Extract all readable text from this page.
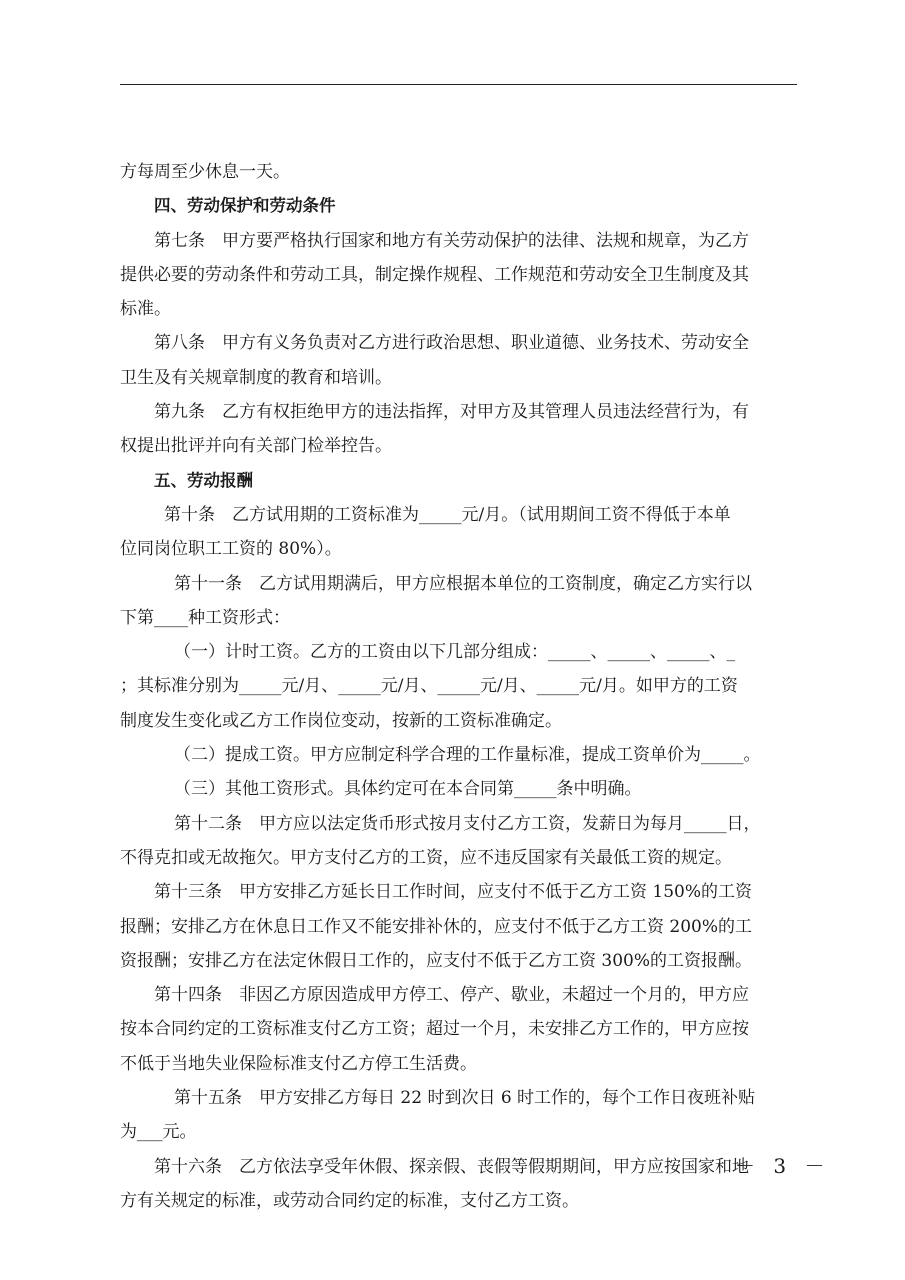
方每周至少休息一天。
四、劳动保护和劳动条件
第七条　甲方要严格执行国家和地方有关劳动保护的法律、法规和规章，为乙方
提供必要的劳动条件和劳动工具，制定操作规程、工作规范和劳动安全卫生制度及其
标准。
第八条　甲方有义务负责对乙方进行政治思想、职业道德、业务技术、劳动安全
卫生及有关规章制度的教育和培训。
第九条　乙方有权拒绝甲方的违法指挥，对甲方及其管理人员违法经营行为，有
权提出批评并向有关部门检举控告。
五、劳动报酬
第十条　乙方试用期的工资标准为_____元/月。（试用期间工资不得低于本单
位同岗位职工工资的 80%）。
第十一条　乙方试用期满后，甲方应根据本单位的工资制度，确定乙方实行以
下第____种工资形式：
（一）计时工资。乙方的工资由以下几部分组成：_____、_____、_____、_
；其标准分别为_____元/月、_____元/月、_____元/月、_____元/月。如甲方的工资
制度发生变化或乙方工作岗位变动，按新的工资标准确定。
（二）提成工资。甲方应制定科学合理的工作量标准，提成工资单价为_____。
（三）其他工资形式。具体约定可在本合同第_____条中明确。
第十二条　甲方应以法定货币形式按月支付乙方工资，发薪日为每月_____日，
不得克扣或无故拖欠。甲方支付乙方的工资，应不违反国家有关最低工资的规定。
第十三条　甲方安排乙方延长日工作时间，应支付不低于乙方工资 150%的工资
报酬；安排乙方在休息日工作又不能安排补休的，应支付不低于乙方工资 200%的工
资报酬；安排乙方在法定休假日工作的，应支付不低于乙方工资 300%的工资报酬。
第十四条　非因乙方原因造成甲方停工、停产、歇业，未超过一个月的，甲方应
按本合同约定的工资标准支付乙方工资；超过一个月，未安排乙方工作的，甲方应按
不低于当地失业保险标准支付乙方停工生活费。
第十五条　甲方安排乙方每日 22 时到次日 6 时工作的，每个工作日夜班补贴
为___元。
第十六条　乙方依法享受年休假、探亲假、丧假等假期期间，甲方应按国家和地
方有关规定的标准，或劳动合同约定的标准，支付乙方工资。
－ 3 －
